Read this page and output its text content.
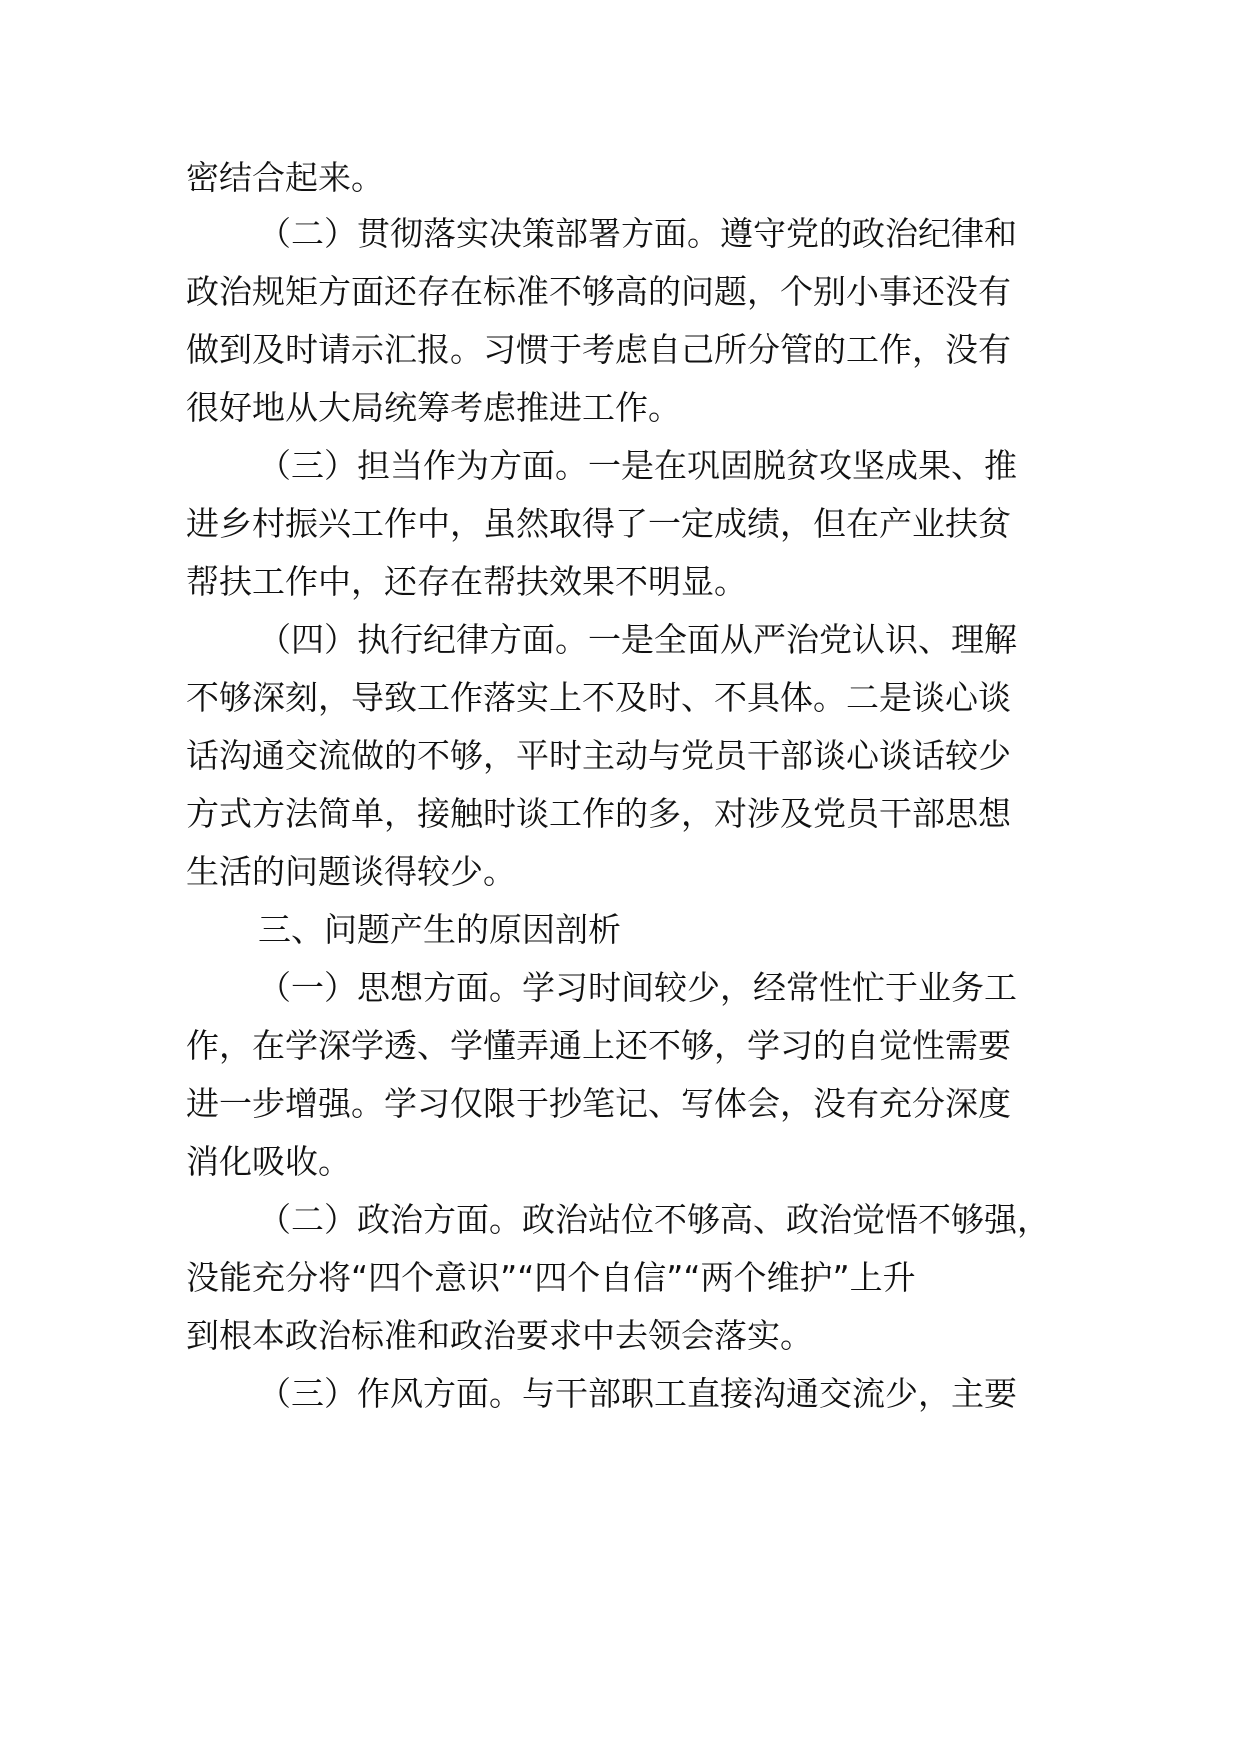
密结合起来。

（二）贯彻落实决策部署方面。遵守党的政治纪律和

政治规矩方面还存在标准不够高的问题，个别小事还没有

做到及时请示汇报。习惯于考虑自己所分管的工作，没有

很好地从大局统筹考虑推进工作。

（三）担当作为方面。一是在巩固脱贫攻坚成果、推

进乡村振兴工作中，虽然取得了一定成绩，但在产业扶贫

帮扶工作中，还存在帮扶效果不明显。

（四）执行纪律方面。一是全面从严治党认识、理解

不够深刻，导致工作落实上不及时、不具体。二是谈心谈

话沟通交流做的不够，平时主动与党员干部谈心谈话较少

方式方法简单，接触时谈工作的多，对涉及党员干部思想

生活的问题谈得较少。

三、问题产生的原因剖析

（一）思想方面。学习时间较少，经常性忙于业务工

作，在学深学透、学懂弄通上还不够，学习的自觉性需要

进一步增强。学习仅限于抄笔记、写体会，没有充分深度

消化吸收。

（二）政治方面。政治站位不够高、政治觉悟不够强，

没能充分将“四个意识”“四个自信”“两个维护”上升

到根本政治标准和政治要求中去领会落实。

（三）作风方面。与干部职工直接沟通交流少，主要
